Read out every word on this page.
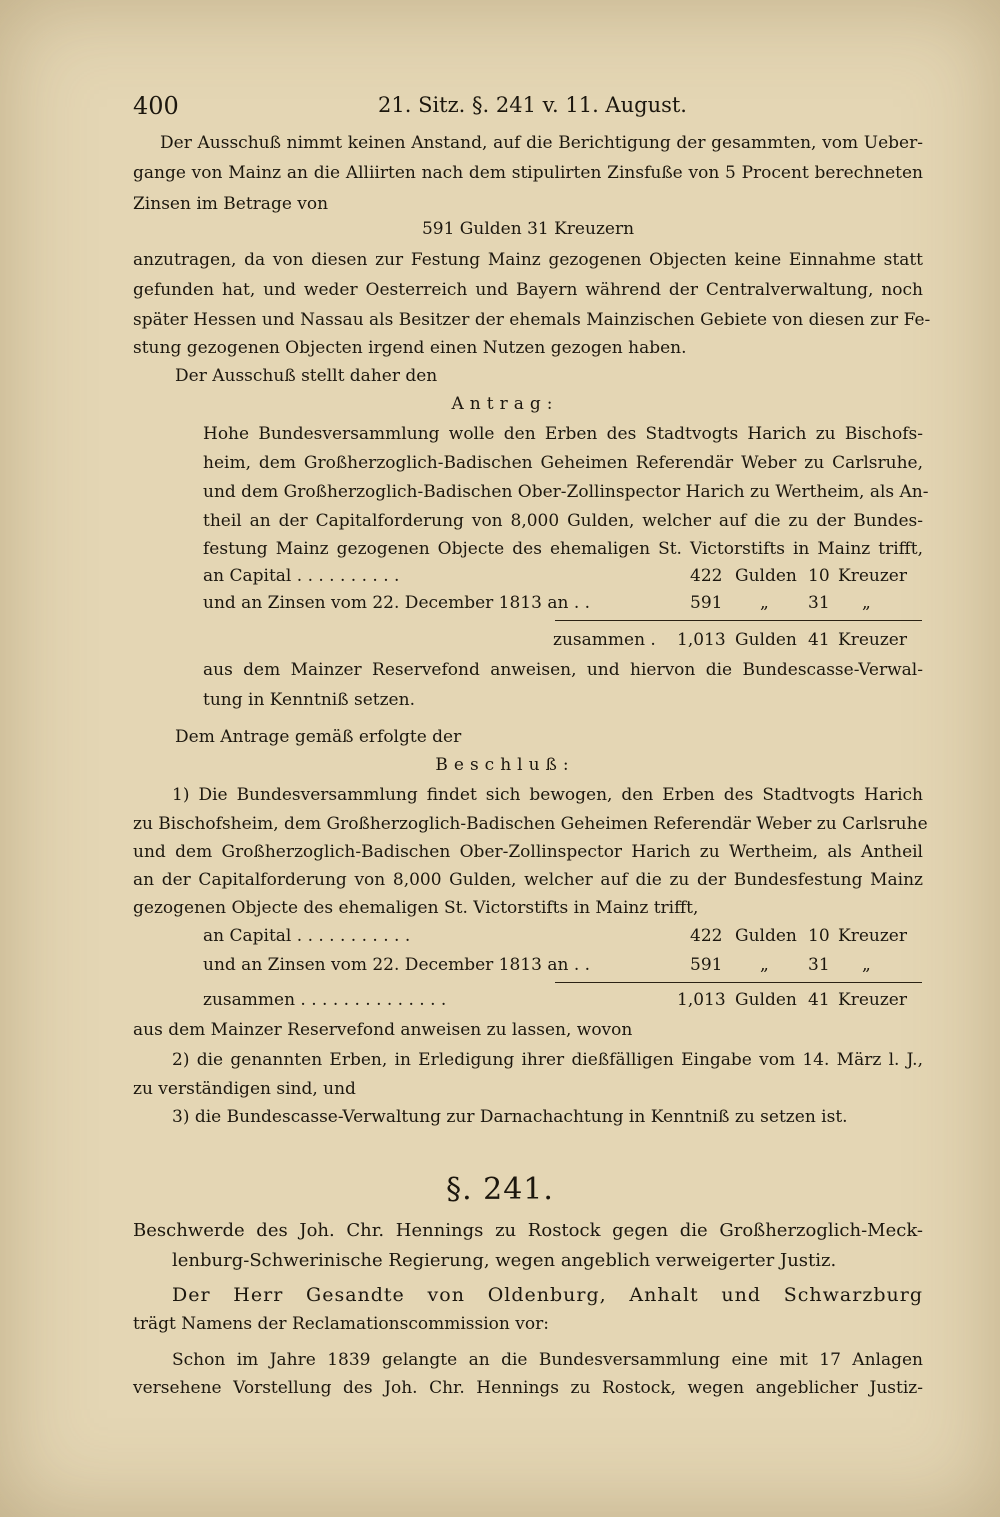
400	21. Sitz. §. 241 v. 11. August.
Der Ausschuß nimmt keinen Anstand, auf die Berichtigung der gesammten, vom Ueber-
gange von Mainz an die Alliirten nach dem stipulirten Zinsfuße von 5 Procent berechneten
Zinsen im Betrage von
591 Gulden 31 Kreuzern
anzutragen, da von diesen zur Festung Mainz gezogenen Objecten keine Einnahme statt
gefunden hat, und weder Oesterreich und Bayern während der Centralverwaltung, noch
später Hessen und Nassau als Besitzer der ehemals Mainzischen Gebiete von diesen zur Fe-
stung gezogenen Objecten irgend einen Nutzen gezogen haben.
Der Ausschuß stellt daher den
Antrag:
Hohe Bundesversammlung wolle den Erben des Stadtvogts Harich zu Bischofs-
heim, dem Großherzoglich-Badischen Geheimen Referendär Weber zu Carlsruhe,
und dem Großherzoglich-Badischen Ober-Zollinspector Harich zu Wertheim, als An-
theil an der Capitalforderung von 8,000 Gulden, welcher auf die zu der Bundes-
festung Mainz gezogenen Objecte des ehemaligen St. Victorstifts in Mainz trifft,
an Capital . . . . . . . . . .	422 Gulden 10 Kreuzer
und an Zinsen vom 22. December 1813 an . .	591 „ 31 „
zusammen . 1,013 Gulden 41 Kreuzer
aus dem Mainzer Reservefond anweisen, und hiervon die Bundescasse-Verwal-
tung in Kenntniß setzen.
Dem Antrage gemäß erfolgte der
Beschluß:
1) Die Bundesversammlung findet sich bewogen, den Erben des Stadtvogts Harich
zu Bischofsheim, dem Großherzoglich-Badischen Geheimen Referendär Weber zu Carlsruhe
und dem Großherzoglich-Badischen Ober-Zollinspector Harich zu Wertheim, als Antheil
an der Capitalforderung von 8,000 Gulden, welcher auf die zu der Bundesfestung Mainz
gezogenen Objecte des ehemaligen St. Victorstifts in Mainz trifft,
an Capital . . . . . . . . . . .	422 Gulden 10 Kreuzer
und an Zinsen vom 22. December 1813 an . .	591 „ 31 „
zusammen . . . . . . . . . . . . . .	1,013 Gulden 41 Kreuzer
aus dem Mainzer Reservefond anweisen zu lassen, wovon
2) die genannten Erben, in Erledigung ihrer dießfälligen Eingabe vom 14. März l. J.,
zu verständigen sind, und
3) die Bundescasse-Verwaltung zur Darnachachtung in Kenntniß zu setzen ist.
§. 241.
Beschwerde des Joh. Chr. Hennings zu Rostock gegen die Großherzoglich-Meck-
lenburg-Schwerinische Regierung, wegen angeblich verweigerter Justiz.
Der Herr Gesandte von Oldenburg, Anhalt und Schwarzburg
trägt Namens der Reclamationscommission vor:
Schon im Jahre 1839 gelangte an die Bundesversammlung eine mit 17 Anlagen
versehene Vorstellung des Joh. Chr. Hennings zu Rostock, wegen angeblicher Justiz-
